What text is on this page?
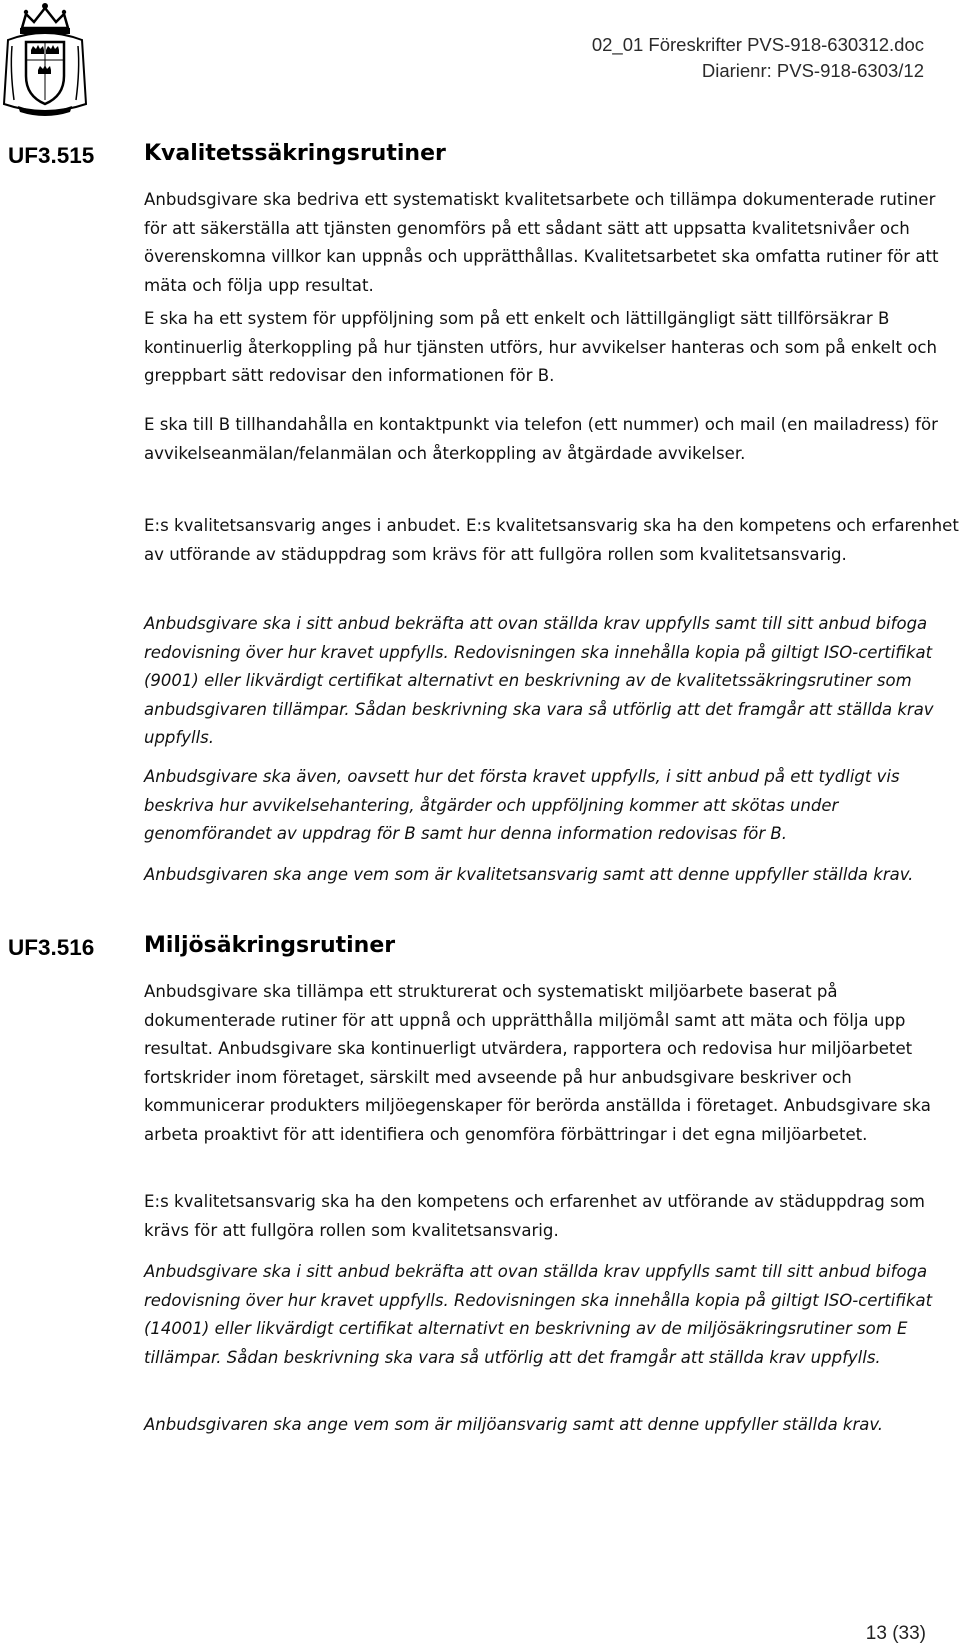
02_01 Föreskrifter PVS-918-630312.doc
Diarienr: PVS-918-6303/12
UF3.515 Kvalitetssäkringsrutiner
Anbudsgivare ska bedriva ett systematiskt kvalitetsarbete och tillämpa dokumenterade rutiner för att säkerställa att tjänsten genomförs på ett sådant sätt att uppsatta kvalitetsnivåer och överenskomna villkor kan uppnås och upprätthållas. Kvalitetsarbetet ska omfatta rutiner för att mäta och följa upp resultat.
E ska ha ett system för uppföljning som på ett enkelt och lättillgängligt sätt tillförsäkrar B kontinuerlig återkoppling på hur tjänsten utförs, hur avvikelser hanteras och som på enkelt och greppbart sätt redovisar den informationen för B.
E ska till B tillhandahålla en kontaktpunkt via telefon (ett nummer) och mail (en mailadress) för avvikelseanmälan/felanmälan och återkoppling av åtgärdade avvikelser.
E:s kvalitetsansvarig anges i anbudet. E:s kvalitetsansvarig ska ha den kompetens och erfarenhet av utförande av städuppdrag som krävs för att fullgöra rollen som kvalitetsansvarig.
Anbudsgivare ska i sitt anbud bekräfta att ovan ställda krav uppfylls samt till sitt anbud bifoga redovisning över hur kravet uppfylls. Redovisningen ska innehålla kopia på giltigt ISO-certifikat (9001) eller likvärdigt certifikat alternativt en beskrivning av de kvalitetssäkringsrutiner som anbudsgivaren tillämpar. Sådan beskrivning ska vara så utförlig att det framgår att ställda krav uppfylls.
Anbudsgivare ska även, oavsett hur det första kravet uppfylls, i sitt anbud på ett tydligt vis beskriva hur avvikelsehantering, åtgärder och uppföljning kommer att skötas under genomförandet av uppdrag för B samt hur denna information redovisas för B.
Anbudsgivaren ska ange vem som är kvalitetsansvarig samt att denne uppfyller ställda krav.
UF3.516 Miljösäkringsrutiner
Anbudsgivare ska tillämpa ett strukturerat och systematiskt miljöarbete baserat på dokumenterade rutiner för att uppnå och upprätthålla miljömål samt att mäta och följa upp resultat. Anbudsgivare ska kontinuerligt utvärdera, rapportera och redovisa hur miljöarbetet fortskrider inom företaget, särskilt med avseende på hur anbudsgivare beskriver och kommunicerar produkters miljöegenskaper för berörda anställda i företaget. Anbudsgivare ska arbeta proaktivt för att identifiera och genomföra förbättringar i det egna miljöarbetet.
E:s kvalitetsansvarig ska ha den kompetens och erfarenhet av utförande av städuppdrag som krävs för att fullgöra rollen som kvalitetsansvarig.
Anbudsgivare ska i sitt anbud bekräfta att ovan ställda krav uppfylls samt till sitt anbud bifoga redovisning över hur kravet uppfylls. Redovisningen ska innehålla kopia på giltigt ISO-certifikat (14001) eller likvärdigt certifikat alternativt en beskrivning av de miljösäkringsrutiner som E tillämpar. Sådan beskrivning ska vara så utförlig att det framgår att ställda krav uppfylls.
Anbudsgivaren ska ange vem som är miljöansvarig samt att denne uppfyller ställda krav.
13 (33)
